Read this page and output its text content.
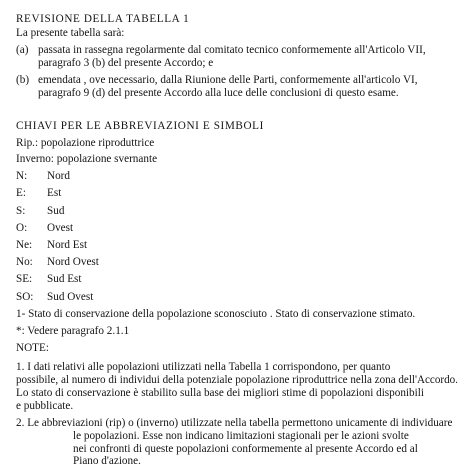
REVISIONE DELLA TABELLA 1
La presente tabella sarà:
(a) passata in rassegna regolarmente dal comitato tecnico conformemente all'Articolo VII,
paragrafo 3 (b) del presente Accordo; e
(b) emendata , ove necessario, dalla Riunione delle Parti, conformemente all'articolo VI,
paragrafo 9 (d) del presente Accordo alla luce delle conclusioni di questo esame.
CHIAVI PER LE ABBREVIAZIONI E SIMBOLI
Rip.: popolazione riproduttrice
Inverno: popolazione svernante
N: Nord
E: Est
S: Sud
O: Ovest
Ne: Nord Est
No: Nord Ovest
SE: Sud Est
SO: Sud Ovest
1- Stato di conservazione della popolazione sconosciuto . Stato di conservazione stimato.
*: Vedere paragrafo 2.1.1
NOTE:
1. I dati relativi alle popolazioni utilizzati nella Tabella 1 corrispondono, per quanto
possibile, al numero di individui della potenziale popolazione riproduttrice nella zona dell'Accordo.
Lo stato di conservazione è stabilito sulla base dei migliori stime di popolazioni disponibili
e pubblicate.
2. Le abbreviazioni (rip) o (inverno) utilizzate nella tabella permettono unicamente di individuare
le popolazioni. Esse non indicano limitazioni stagionali per le azioni svolte
nei confronti di queste popolazioni conformemente al presente Accordo ed al
Piano d'azione.
